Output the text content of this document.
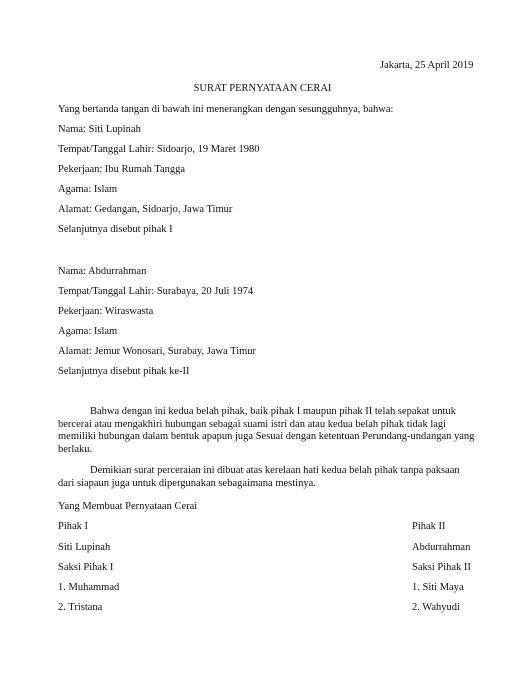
Jakarta, 25 April 2019
SURAT PERNYATAAN CERAI
Yang bertanda tangan di bawah ini menerangkan dengan sesungguhnya, bahwa:
Nama: Siti Lupinah
Tempat/Tanggal Lahir: Sidoarjo, 19 Maret 1980
Pekerjaan: Ibu Rumah Tangga
Agama: Islam
Alamat: Gedangan, Sidoarjo, Jawa Timur
Selanjutnya disebut pihak I
Nama: Abdurrahman
Tempat/Tanggal Lahir: Surabaya, 20 Juli 1974
Pekerjaan: Wiraswasta
Agama: Islam
Alamat: Jemur Wonosari, Surabay, Jawa Timur
Selanjutnya disebut pihak ke-II
Bahwa dengan ini kedua belah pihak, baik pihak I maupun pihak II telah sepakat untuk bercerai atau mengakhiri hubungan sebagai suami istri dan atau kedua belah pihak tidak lagi memiliki hubungan dalam bentuk apapun juga Sesuai dengan ketentuan Perundang-undangan yang berlaku.
Demikian surat perceraian ini dibuat atas kerelaan hati kedua belah pihak tanpa paksaan dari siapaun juga untuk dipergunakan sebagaimana mestinya.
Yang Membuat Pernyataan Cerai
Pihak I
Siti Lupinah
Saksi Pihak I
1. Muhammad
2. Tristana
Pihak II
Abdurrahman
Saksi Pihak II
1. Siti Maya
2. Wahyudi
